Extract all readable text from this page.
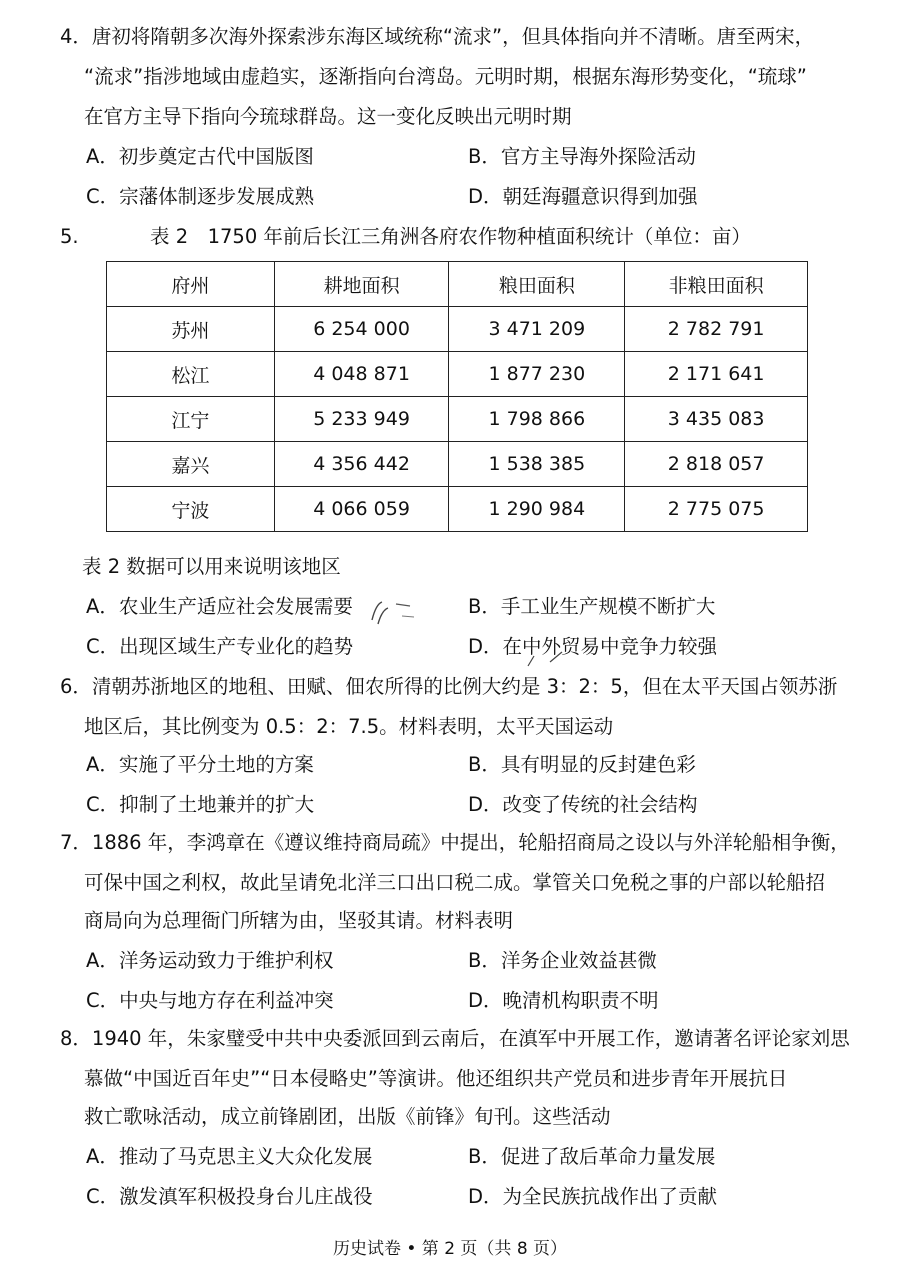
4．唐初将隋朝多次海外探索涉东海区域统称“流求”，但具体指向并不清晰。唐至两宋，
“流求”指涉地域由虚趋实，逐渐指向台湾岛。元明时期，根据东海形势变化，“琉球”
在官方主导下指向今琉球群岛。这一变化反映出元明时期
A．初步奠定古代中国版图	B．官方主导海外探险活动
C．宗藩体制逐步发展成熟	D．朝廷海疆意识得到加强
5.	表 2　1750 年前后长江三角洲各府农作物种植面积统计（单位：亩）
府州	耕地面积	粮田面积	非粮田面积
苏州	6 254 000	3 471 209	2 782 791
松江	4 048 871	1 877 230	2 171 641
江宁	5 233 949	1 798 866	3 435 083
嘉兴	4 356 442	1 538 385	2 818 057
宁波	4 066 059	1 290 984	2 775 075
表 2 数据可以用来说明该地区
A．农业生产适应社会发展需要	B．手工业生产规模不断扩大
C．出现区域生产专业化的趋势	D．在中外贸易中竞争力较强
6．清朝苏浙地区的地租、田赋、佃农所得的比例大约是 3：2：5，但在太平天国占领苏浙
地区后，其比例变为 0.5：2：7.5。材料表明，太平天国运动
A．实施了平分土地的方案	B．具有明显的反封建色彩
C．抑制了土地兼并的扩大	D．改变了传统的社会结构
7．1886 年，李鸿章在《遵议维持商局疏》中提出，轮船招商局之设以与外洋轮船相争衡，
可保中国之利权，故此呈请免北洋三口出口税二成。掌管关口免税之事的户部以轮船招
商局向为总理衙门所辖为由，坚驳其请。材料表明
A．洋务运动致力于维护利权	B．洋务企业效益甚微
C．中央与地方存在利益冲突	D．晚清机构职责不明
8．1940 年，朱家璧受中共中央委派回到云南后，在滇军中开展工作，邀请著名评论家刘思
慕做“中国近百年史”“日本侵略史”等演讲。他还组织共产党员和进步青年开展抗日
救亡歌咏活动，成立前锋剧团，出版《前锋》旬刊。这些活动
A．推动了马克思主义大众化发展	B．促进了敌后革命力量发展
C．激发滇军积极投身台儿庄战役	D．为全民族抗战作出了贡献
历史试卷 • 第 2 页（共 8 页）
